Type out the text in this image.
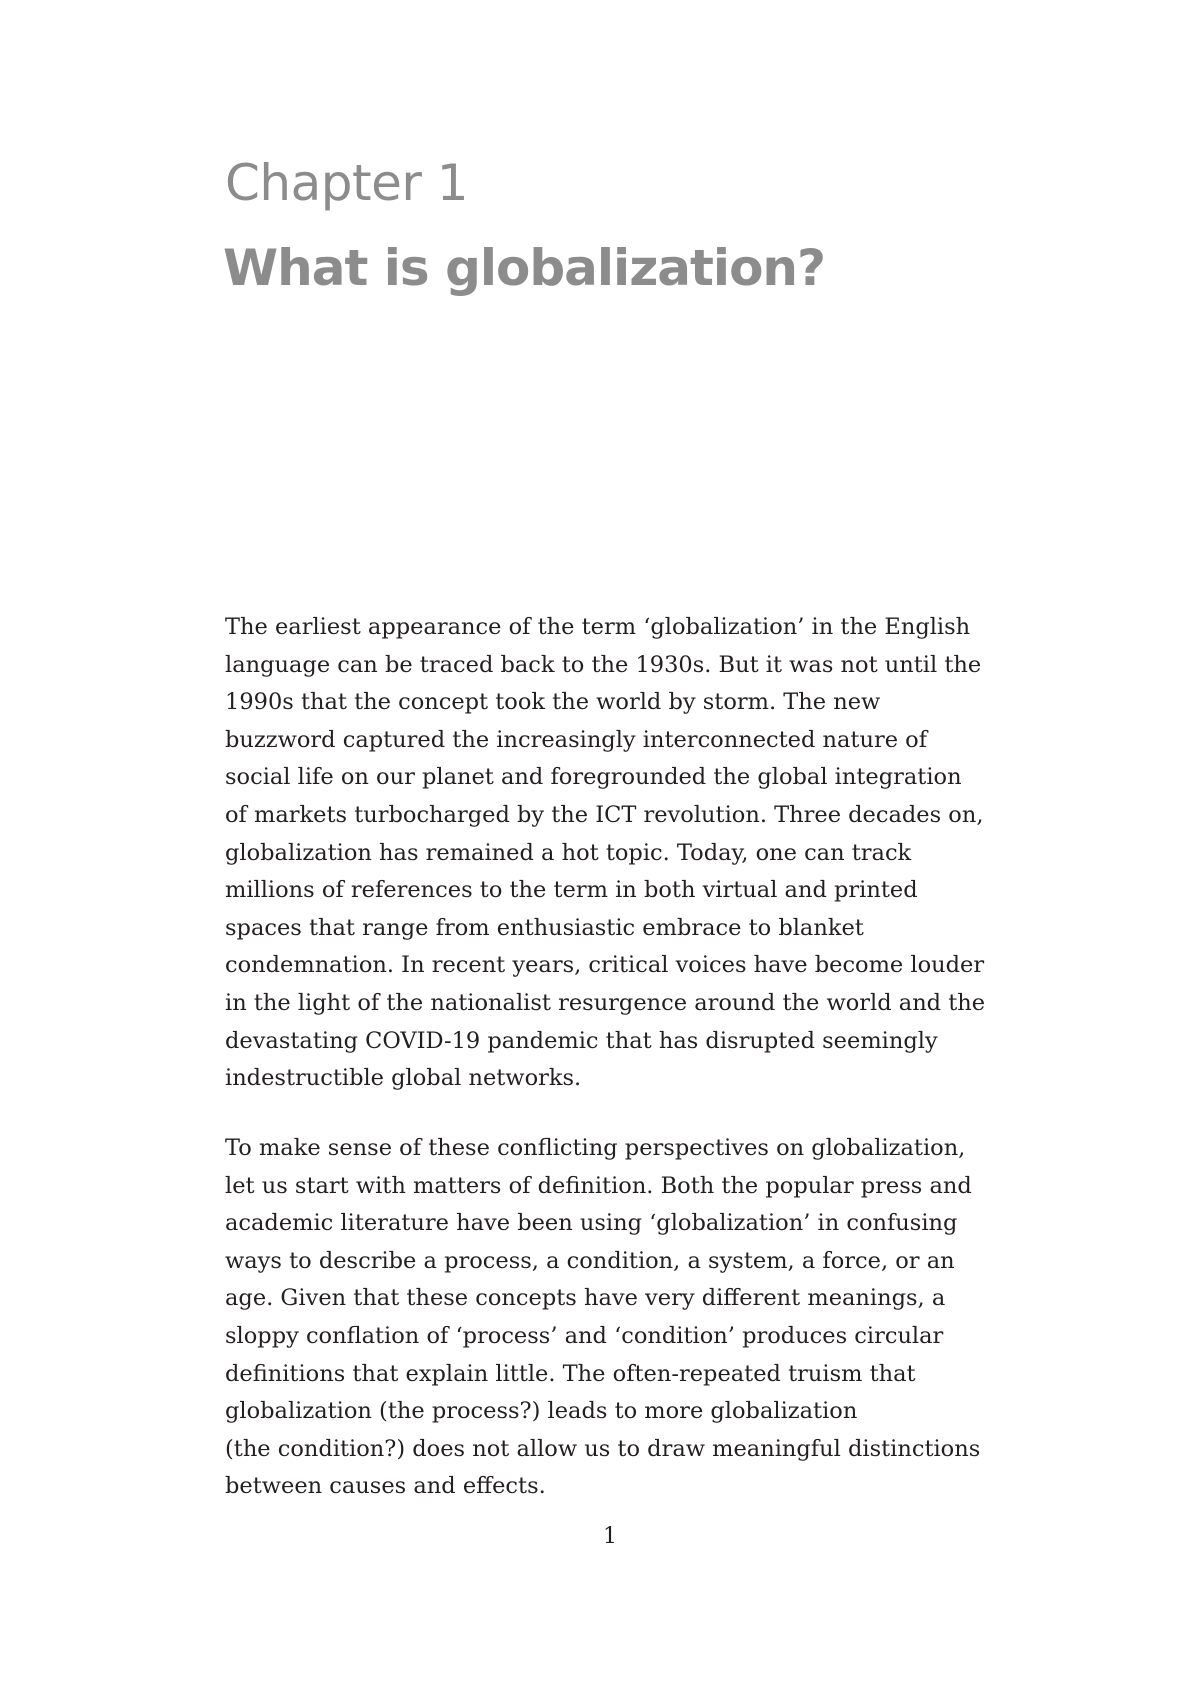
Chapter 1
What is globalization?

The earliest appearance of the term ‘globalization’ in the English
language can be traced back to the 1930s. But it was not until the
1990s that the concept took the world by storm. The new
buzzword captured the increasingly interconnected nature of
social life on our planet and foregrounded the global integration
of markets turbocharged by the ICT revolution. Three decades on,
globalization has remained a hot topic. Today, one can track
millions of references to the term in both virtual and printed
spaces that range from enthusiastic embrace to blanket
condemnation. In recent years, critical voices have become louder
in the light of the nationalist resurgence around the world and the
devastating COVID-19 pandemic that has disrupted seemingly
indestructible global networks.

To make sense of these conflicting perspectives on globalization,
let us start with matters of definition. Both the popular press and
academic literature have been using ‘globalization’ in confusing
ways to describe a process, a condition, a system, a force, or an
age. Given that these concepts have very different meanings, a
sloppy conflation of ‘process’ and ‘condition’ produces circular
definitions that explain little. The often-repeated truism that
globalization (the process?) leads to more globalization
(the condition?) does not allow us to draw meaningful distinctions
between causes and effects.

1
